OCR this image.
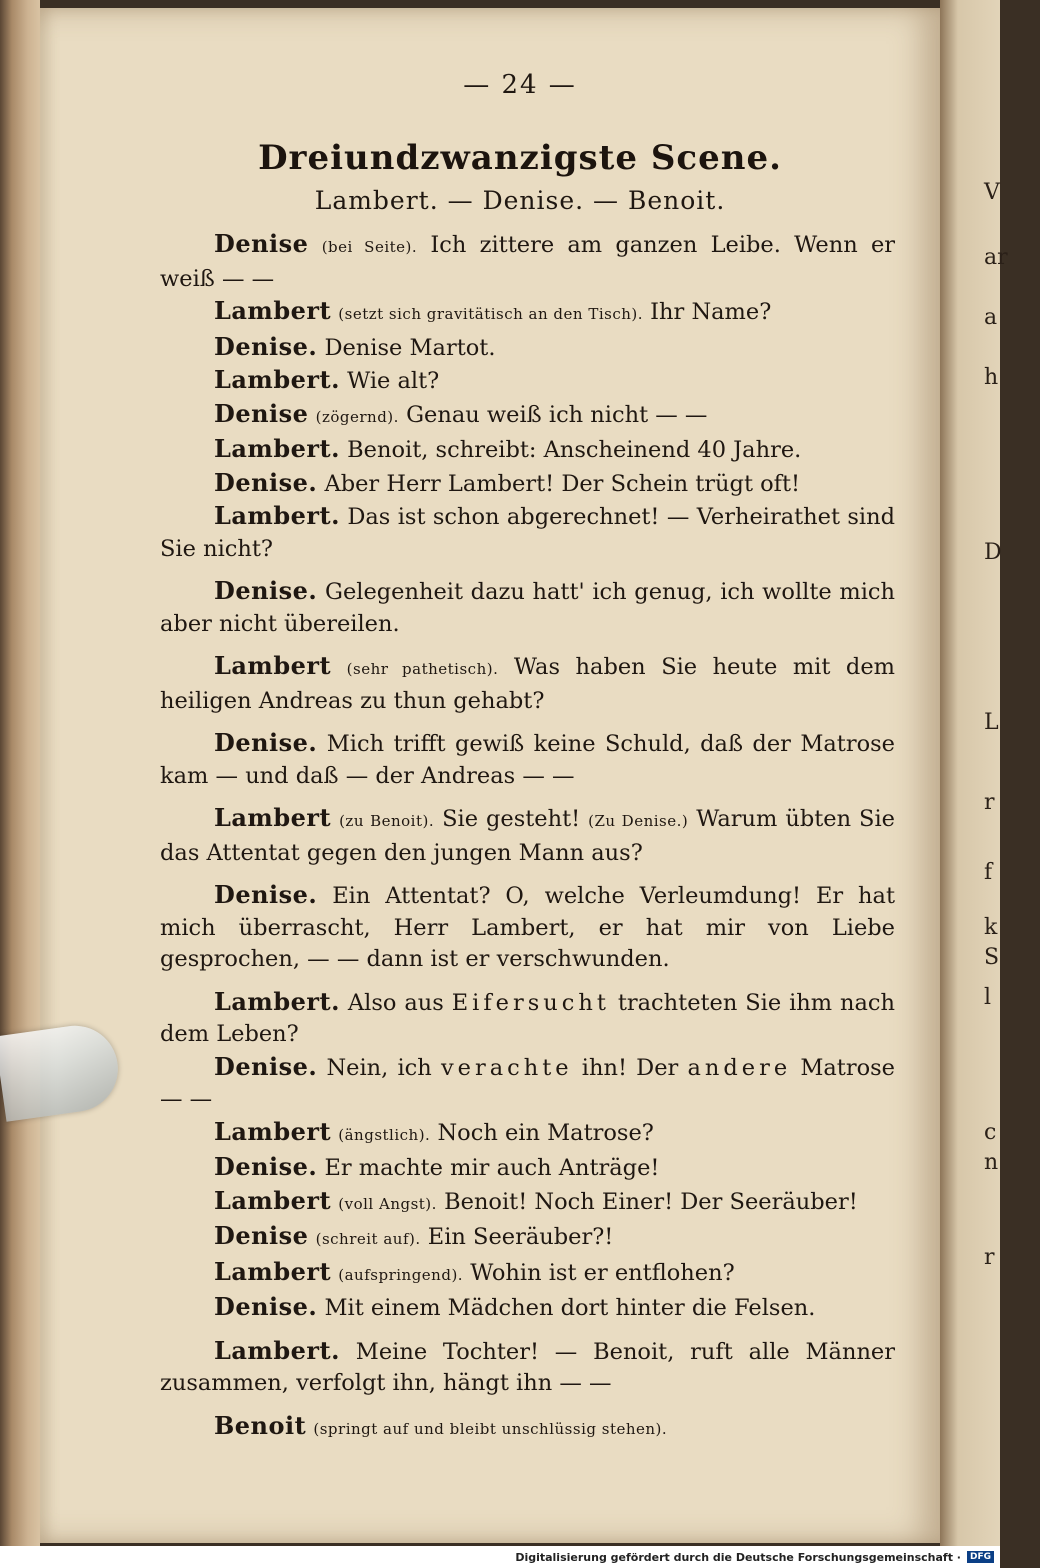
V
ar
a
h
D
L
r
f
k
S
l
c
n
r
— 24 —
Dreiundzwanzigste Scene.
Lambert. — Denise. — Benoit.

Denise (bei Seite). Ich zittere am ganzen Leibe. Wenn er weiß — —

Lambert (setzt sich gravitätisch an den Tisch). Ihr Name?

Denise. Denise Martot.

Lambert. Wie alt?

Denise (zögernd). Genau weiß ich nicht — —

Lambert. Benoit, schreibt: Anscheinend 40 Jahre.

Denise. Aber Herr Lambert! Der Schein trügt oft!

Lambert. Das ist schon abgerechnet! — Verheirathet sind Sie nicht?

Denise. Gelegenheit dazu hatt' ich genug, ich wollte mich aber nicht übereilen.

Lambert (sehr pathetisch). Was haben Sie heute mit dem heiligen Andreas zu thun gehabt?

Denise. Mich trifft gewiß keine Schuld, daß der Matrose kam — und daß — der Andreas — —

Lambert (zu Benoit). Sie gesteht! (Zu Denise.) Warum übten Sie das Attentat gegen den jungen Mann aus?

Denise. Ein Attentat? O, welche Verleumdung! Er hat mich überrascht, Herr Lambert, er hat mir von Liebe gesprochen, — — dann ist er verschwunden.

Lambert. Also aus Eifersucht trachteten Sie ihm nach dem Leben?

Denise. Nein, ich verachte ihn! Der andere Matrose — —

Lambert (ängstlich). Noch ein Matrose?

Denise. Er machte mir auch Anträge!

Lambert (voll Angst). Benoit! Noch Einer! Der Seeräuber!

Denise (schreit auf). Ein Seeräuber?!

Lambert (aufspringend). Wohin ist er entflohen?

Denise. Mit einem Mädchen dort hinter die Felsen.

Lambert. Meine Tochter! — Benoit, ruft alle Männer zusammen, verfolgt ihn, hängt ihn — —

Benoit (springt auf und bleibt unschlüssig stehen).

Digitalisierung gefördert durch die Deutsche Forschungsgemeinschaft ·	DFG
